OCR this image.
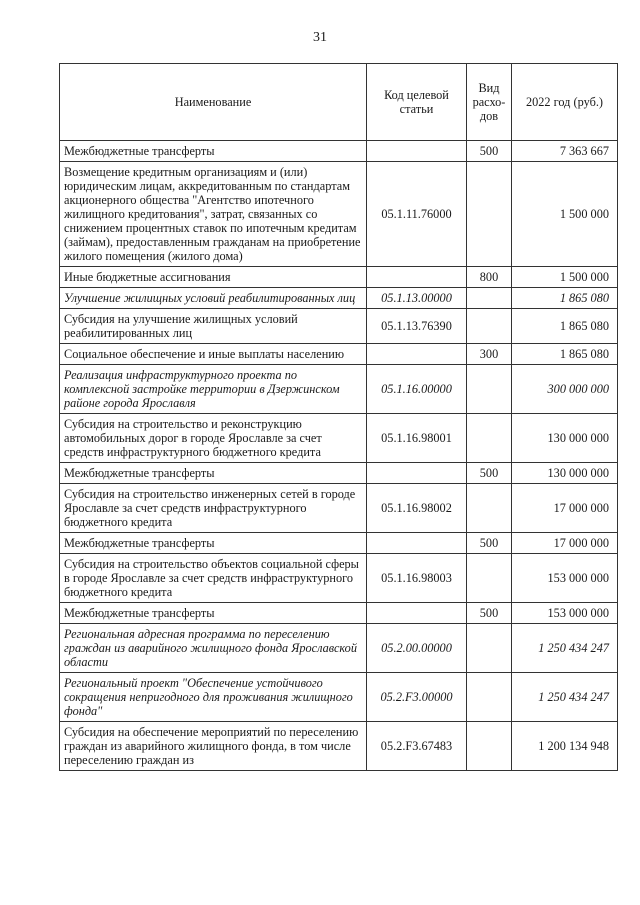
31
Наименование	Код целевой статьи	Вид расхо-дов	2022 год (руб.)
Межбюджетные трансферты		500	7 363 667
Возмещение кредитным организациям и (или) юридическим лицам, аккредитованным по стандартам акционерного общества "Агентство ипотечного жилищного кредитования", затрат, связанных со снижением процентных ставок по ипотечным кредитам (займам), предоставленным гражданам на приобретение жилого помещения (жилого дома)	05.1.11.76000		1 500 000
Иные бюджетные ассигнования		800	1 500 000
Улучшение жилищных условий реабилитированных лиц	05.1.13.00000		1 865 080
Субсидия на улучшение жилищных условий реабилитированных лиц	05.1.13.76390		1 865 080
Социальное обеспечение и иные выплаты населению		300	1 865 080
Реализация инфраструктурного проекта по комплексной застройке территории в Дзержинском районе города Ярославля	05.1.16.00000		300 000 000
Субсидия на строительство и реконструкцию автомобильных дорог в городе Ярославле за счет средств инфраструктурного бюджетного кредита	05.1.16.98001		130 000 000
Межбюджетные трансферты		500	130 000 000
Субсидия на строительство инженерных сетей в городе Ярославле за счет средств инфраструктурного бюджетного кредита	05.1.16.98002		17 000 000
Межбюджетные трансферты		500	17 000 000
Субсидия на строительство объектов социальной сферы в городе Ярославле за счет средств инфраструктурного бюджетного кредита	05.1.16.98003		153 000 000
Межбюджетные трансферты		500	153 000 000
Региональная адресная программа по переселению граждан из аварийного жилищного фонда Ярославской области	05.2.00.00000		1 250 434 247
Региональный проект "Обеспечение устойчивого сокращения непригодного для проживания жилищного фонда"	05.2.F3.00000		1 250 434 247
Субсидия на обеспечение мероприятий по переселению граждан из аварийного жилищного фонда, в том числе переселению граждан из	05.2.F3.67483		1 200 134 948
